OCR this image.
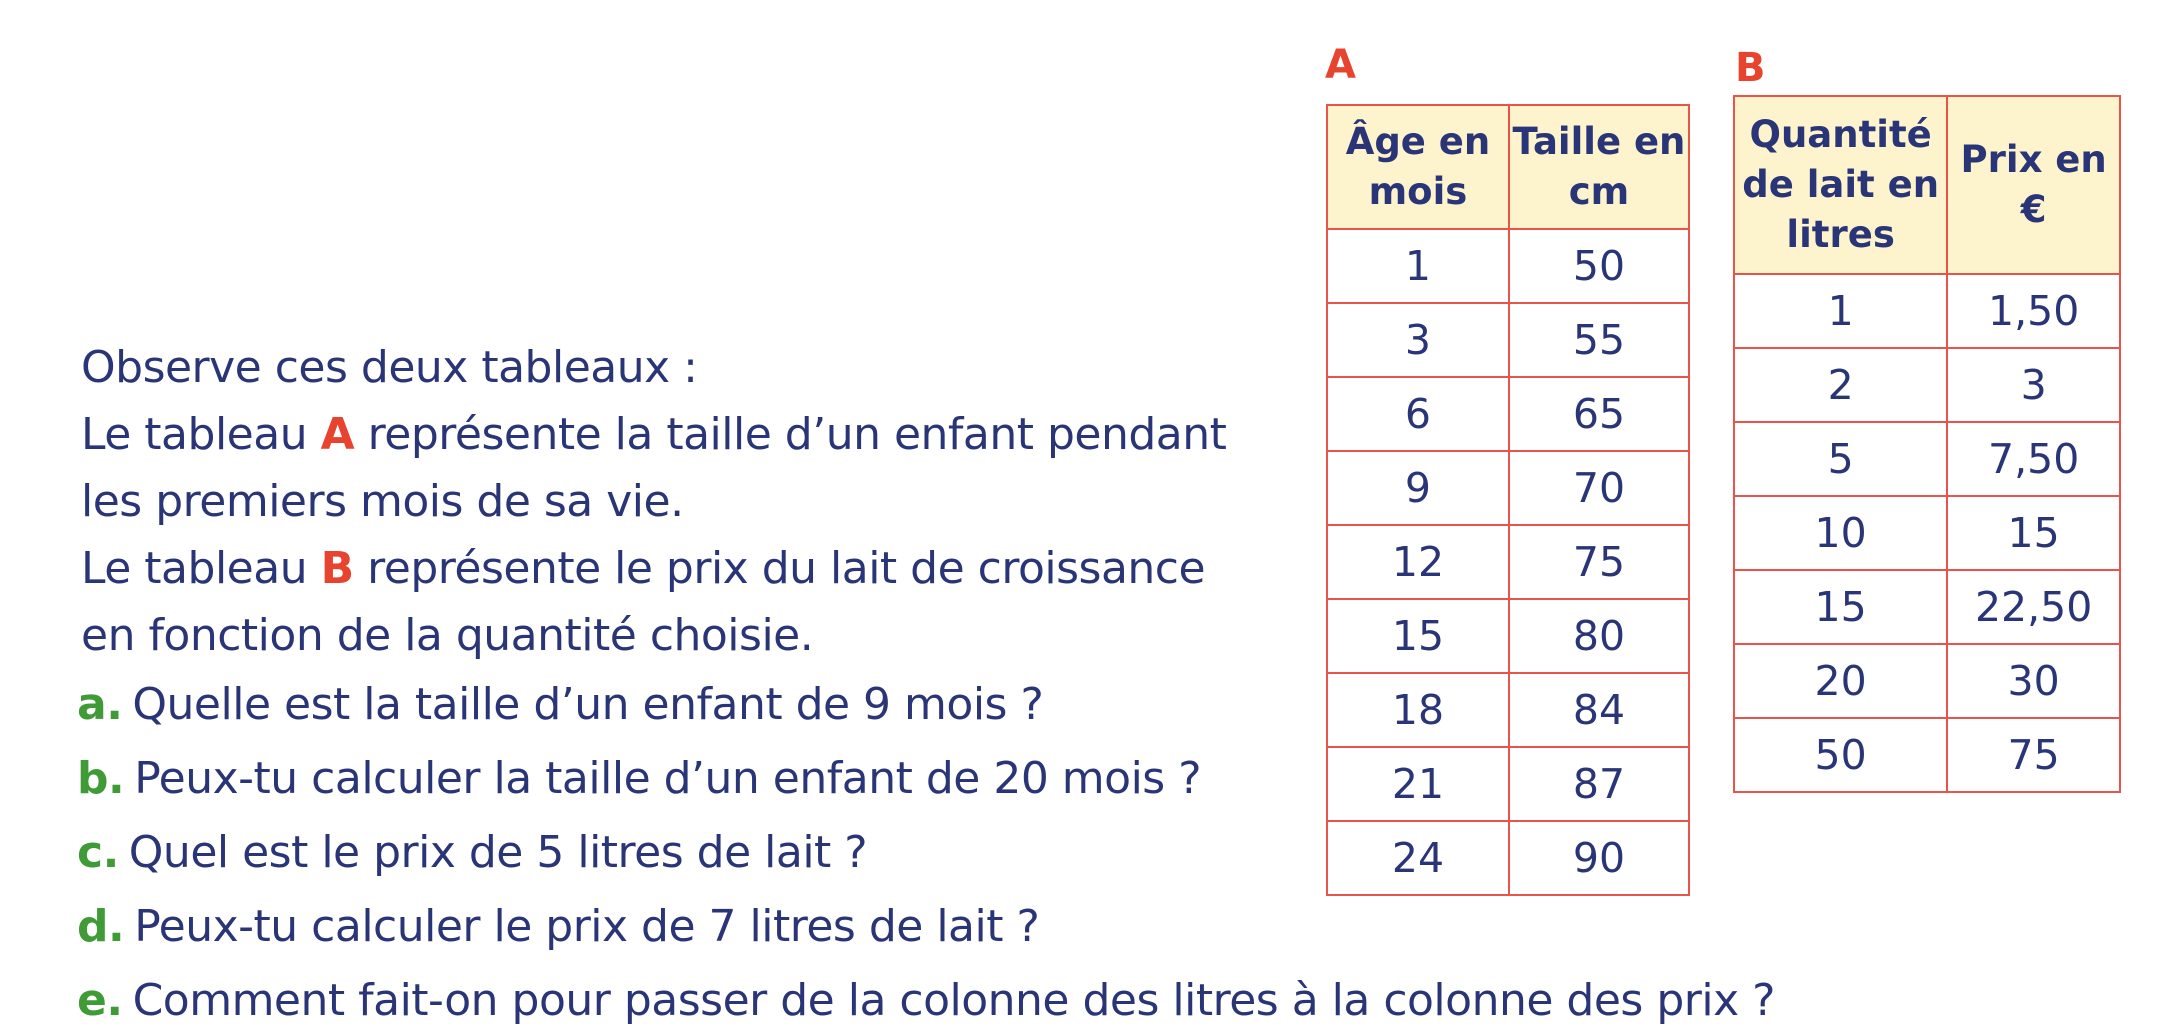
Observe ces deux tableaux :

Le tableau A représente la taille d’un enfant pendant

les premiers mois de sa vie.

Le tableau B représente le prix du lait de croissance

en fonction de la quantité choisie.

a. Quelle est la taille d’un enfant de 9 mois ?
b. Peux-tu calculer la taille d’un enfant de 20 mois ?
c. Quel est le prix de 5 litres de lait ?
d. Peux-tu calculer le prix de 7 litres de lait ?
e. Comment fait-on pour passer de la colonne des litres à la colonne des prix ?
A
Âge en mois	Taille en cm
1	50
3	55
6	65
9	70
12	75
15	80
18	84
21	87
24	90
B
Quantité de lait en litres	Prix en €
1	1,50
2	3
5	7,50
10	15
15	22,50
20	30
50	75
